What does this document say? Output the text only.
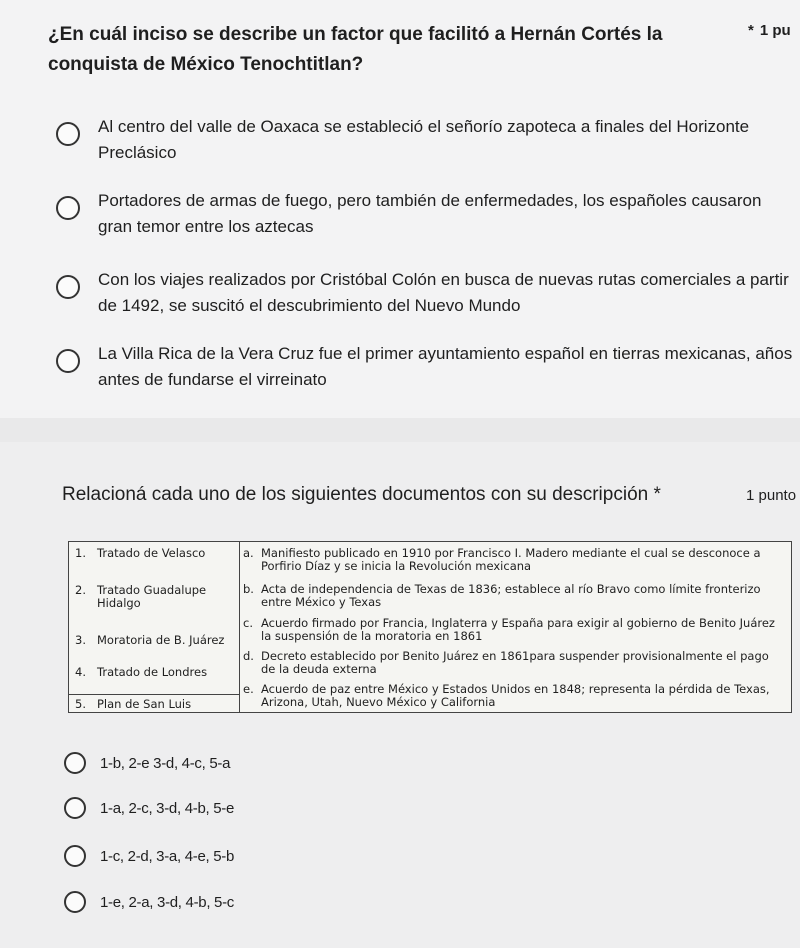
¿En cuál inciso se describe un factor que facilitó a Hernán Cortés la conquista de México Tenochtitlan?
* 1 pu
Al centro del valle de Oaxaca se estableció el señorío zapoteca a finales del Horizonte Preclásico
Portadores de armas de fuego, pero también de enfermedades, los españoles causaron gran temor entre los aztecas
Con los viajes realizados por Cristóbal Colón en busca de nuevas rutas comerciales a partir de 1492, se suscitó el descubrimiento del Nuevo Mundo
La Villa Rica de la Vera Cruz fue el primer ayuntamiento español en tierras mexicanas, años antes de fundarse el virreinato
Relacioná cada uno de los siguientes documentos con su descripción *	1 punto
1. Tratado de Velasco
2. Tratado Guadalupe Hidalgo
3. Moratoria de B. Juárez
4. Tratado de Londres
5. Plan de San Luis
a. Manifiesto publicado en 1910 por Francisco I. Madero mediante el cual se desconoce a Porfirio Díaz y se inicia la Revolución mexicana
b. Acta de independencia de Texas de 1836; establece al río Bravo como límite fronterizo entre México y Texas
c. Acuerdo firmado por Francia, Inglaterra y España para exigir al gobierno de Benito Juárez la suspensión de la moratoria en 1861
d. Decreto establecido por Benito Juárez en 1861para suspender provisionalmente el pago de la deuda externa
e. Acuerdo de paz entre México y Estados Unidos en 1848; representa la pérdida de Texas, Arizona, Utah, Nuevo México y California
1-b, 2-e 3-d, 4-c, 5-a
1-a, 2-c, 3-d, 4-b, 5-e
1-c, 2-d, 3-a, 4-e, 5-b
1-e, 2-a, 3-d, 4-b, 5-c
